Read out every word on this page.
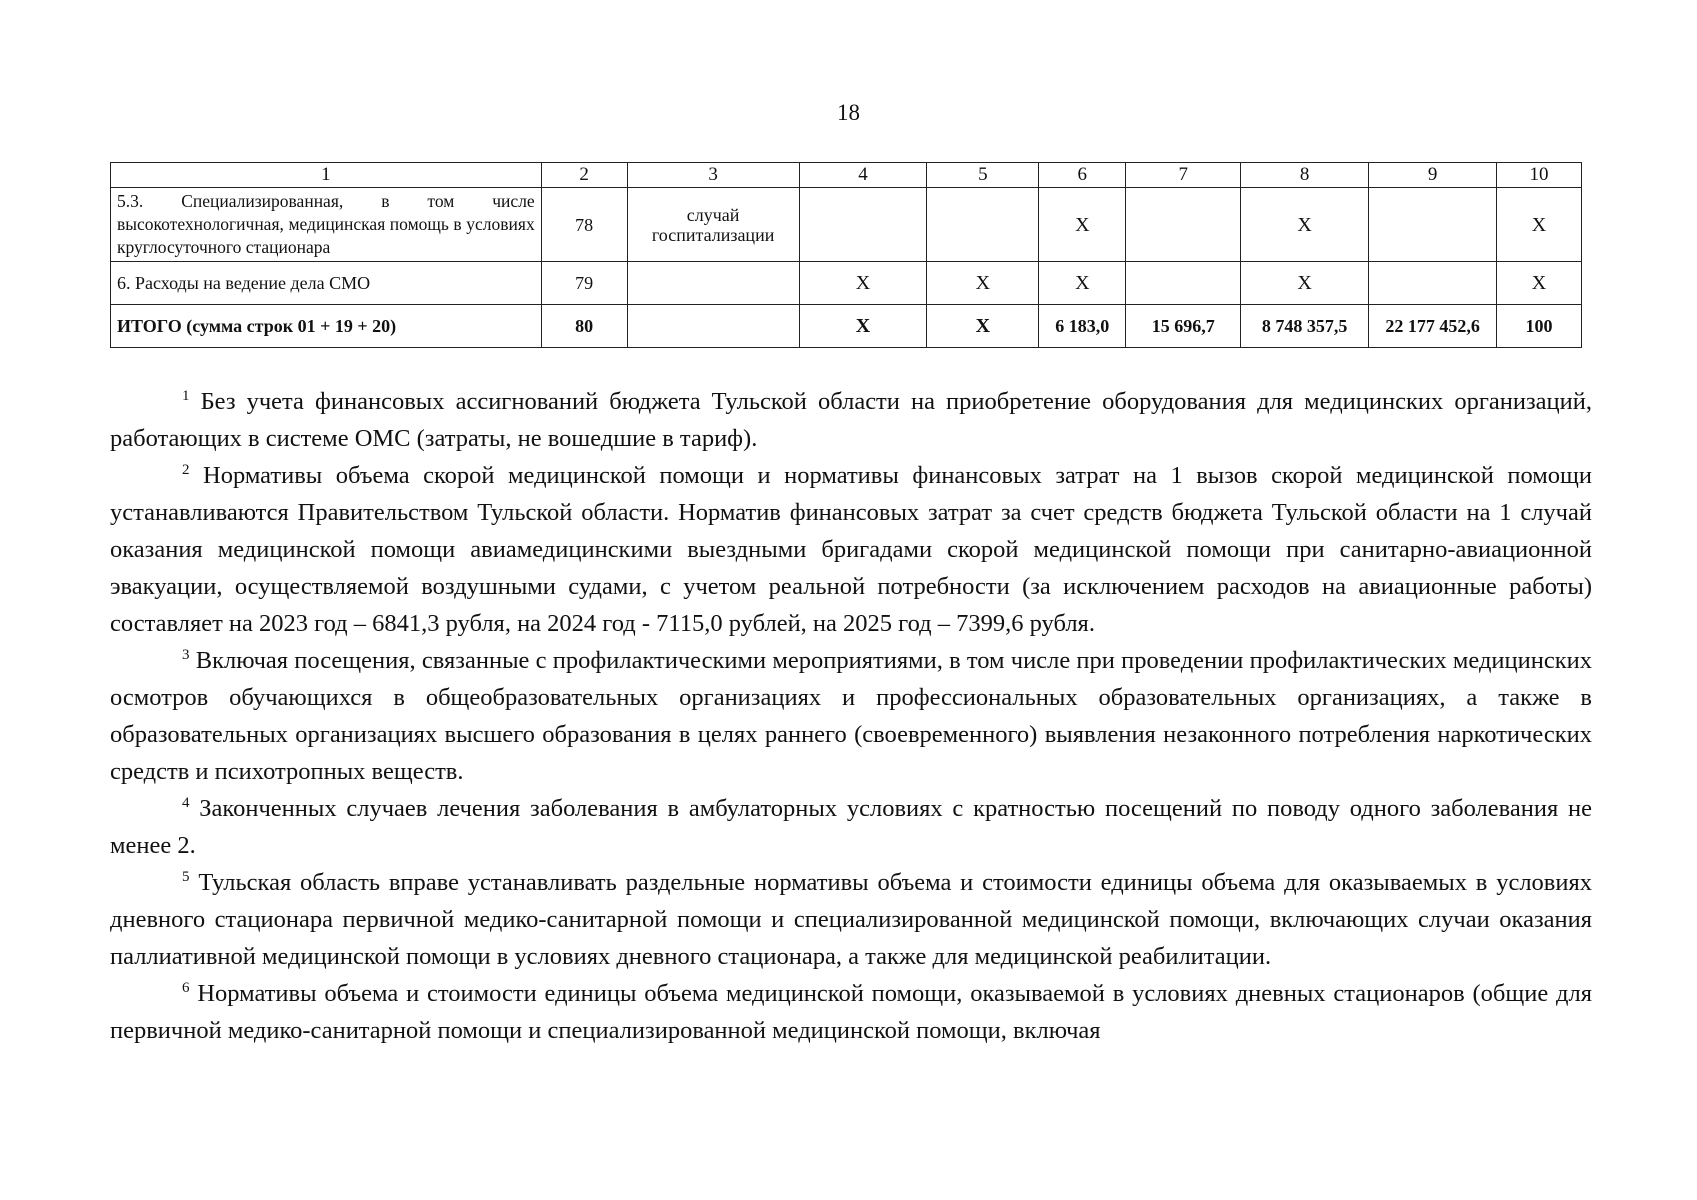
18
1	2	3	4	5	6	7	8	9	10
5.3. Специализированная, в том числе высокотехнологичная, медицинская помощь в условиях круглосуточного стационара	78	случай госпитализации			X		X		X
6. Расходы на ведение дела СМО	79		X	X	X		X		X
ИТОГО (сумма строк 01 + 19 + 20)	80		X	X	6 183,0	15 696,7	8 748 357,5	22 177 452,6	100

$^1$ Без учета финансовых ассигнований бюджета Тульской области на приобретение оборудования для медицинских организаций, работающих в системе ОМС (затраты, не вошедшие в тариф).

$^2$ Нормативы объема скорой медицинской помощи и нормативы финансовых затрат на 1 вызов скорой медицинской помощи устанавливаются Правительством Тульской области. Норматив финансовых затрат за счет средств бюджета Тульской области на 1 случай оказания медицинской помощи авиамедицинскими выездными бригадами скорой медицинской помощи при санитарно-авиационной эвакуации, осуществляемой воздушными судами, с учетом реальной потребности (за исключением расходов на авиационные работы) составляет на 2023 год – 6841,3 рубля, на 2024 год - 7115,0 рублей, на 2025 год – 7399,6 рубля.

$^3$ Включая посещения, связанные с профилактическими мероприятиями, в том числе при проведении профилактических медицинских осмотров обучающихся в общеобразовательных организациях и профессиональных образовательных организациях, а также в образовательных организациях высшего образования в целях раннего (своевременного) выявления незаконного потребления наркотических средств и психотропных веществ.

$^4$ Законченных случаев лечения заболевания в амбулаторных условиях с кратностью посещений по поводу одного заболевания не менее 2.

$^5$ Тульская область вправе устанавливать раздельные нормативы объема и стоимости единицы объема для оказываемых в условиях дневного стационара первичной медико-санитарной помощи и специализированной медицинской помощи, включающих случаи оказания паллиативной медицинской помощи в условиях дневного стационара, а также для медицинской реабилитации.

$^6$ Нормативы объема и стоимости единицы объема медицинской помощи, оказываемой в условиях дневных стационаров (общие для первичной медико-санитарной помощи и специализированной медицинской помощи, включая
